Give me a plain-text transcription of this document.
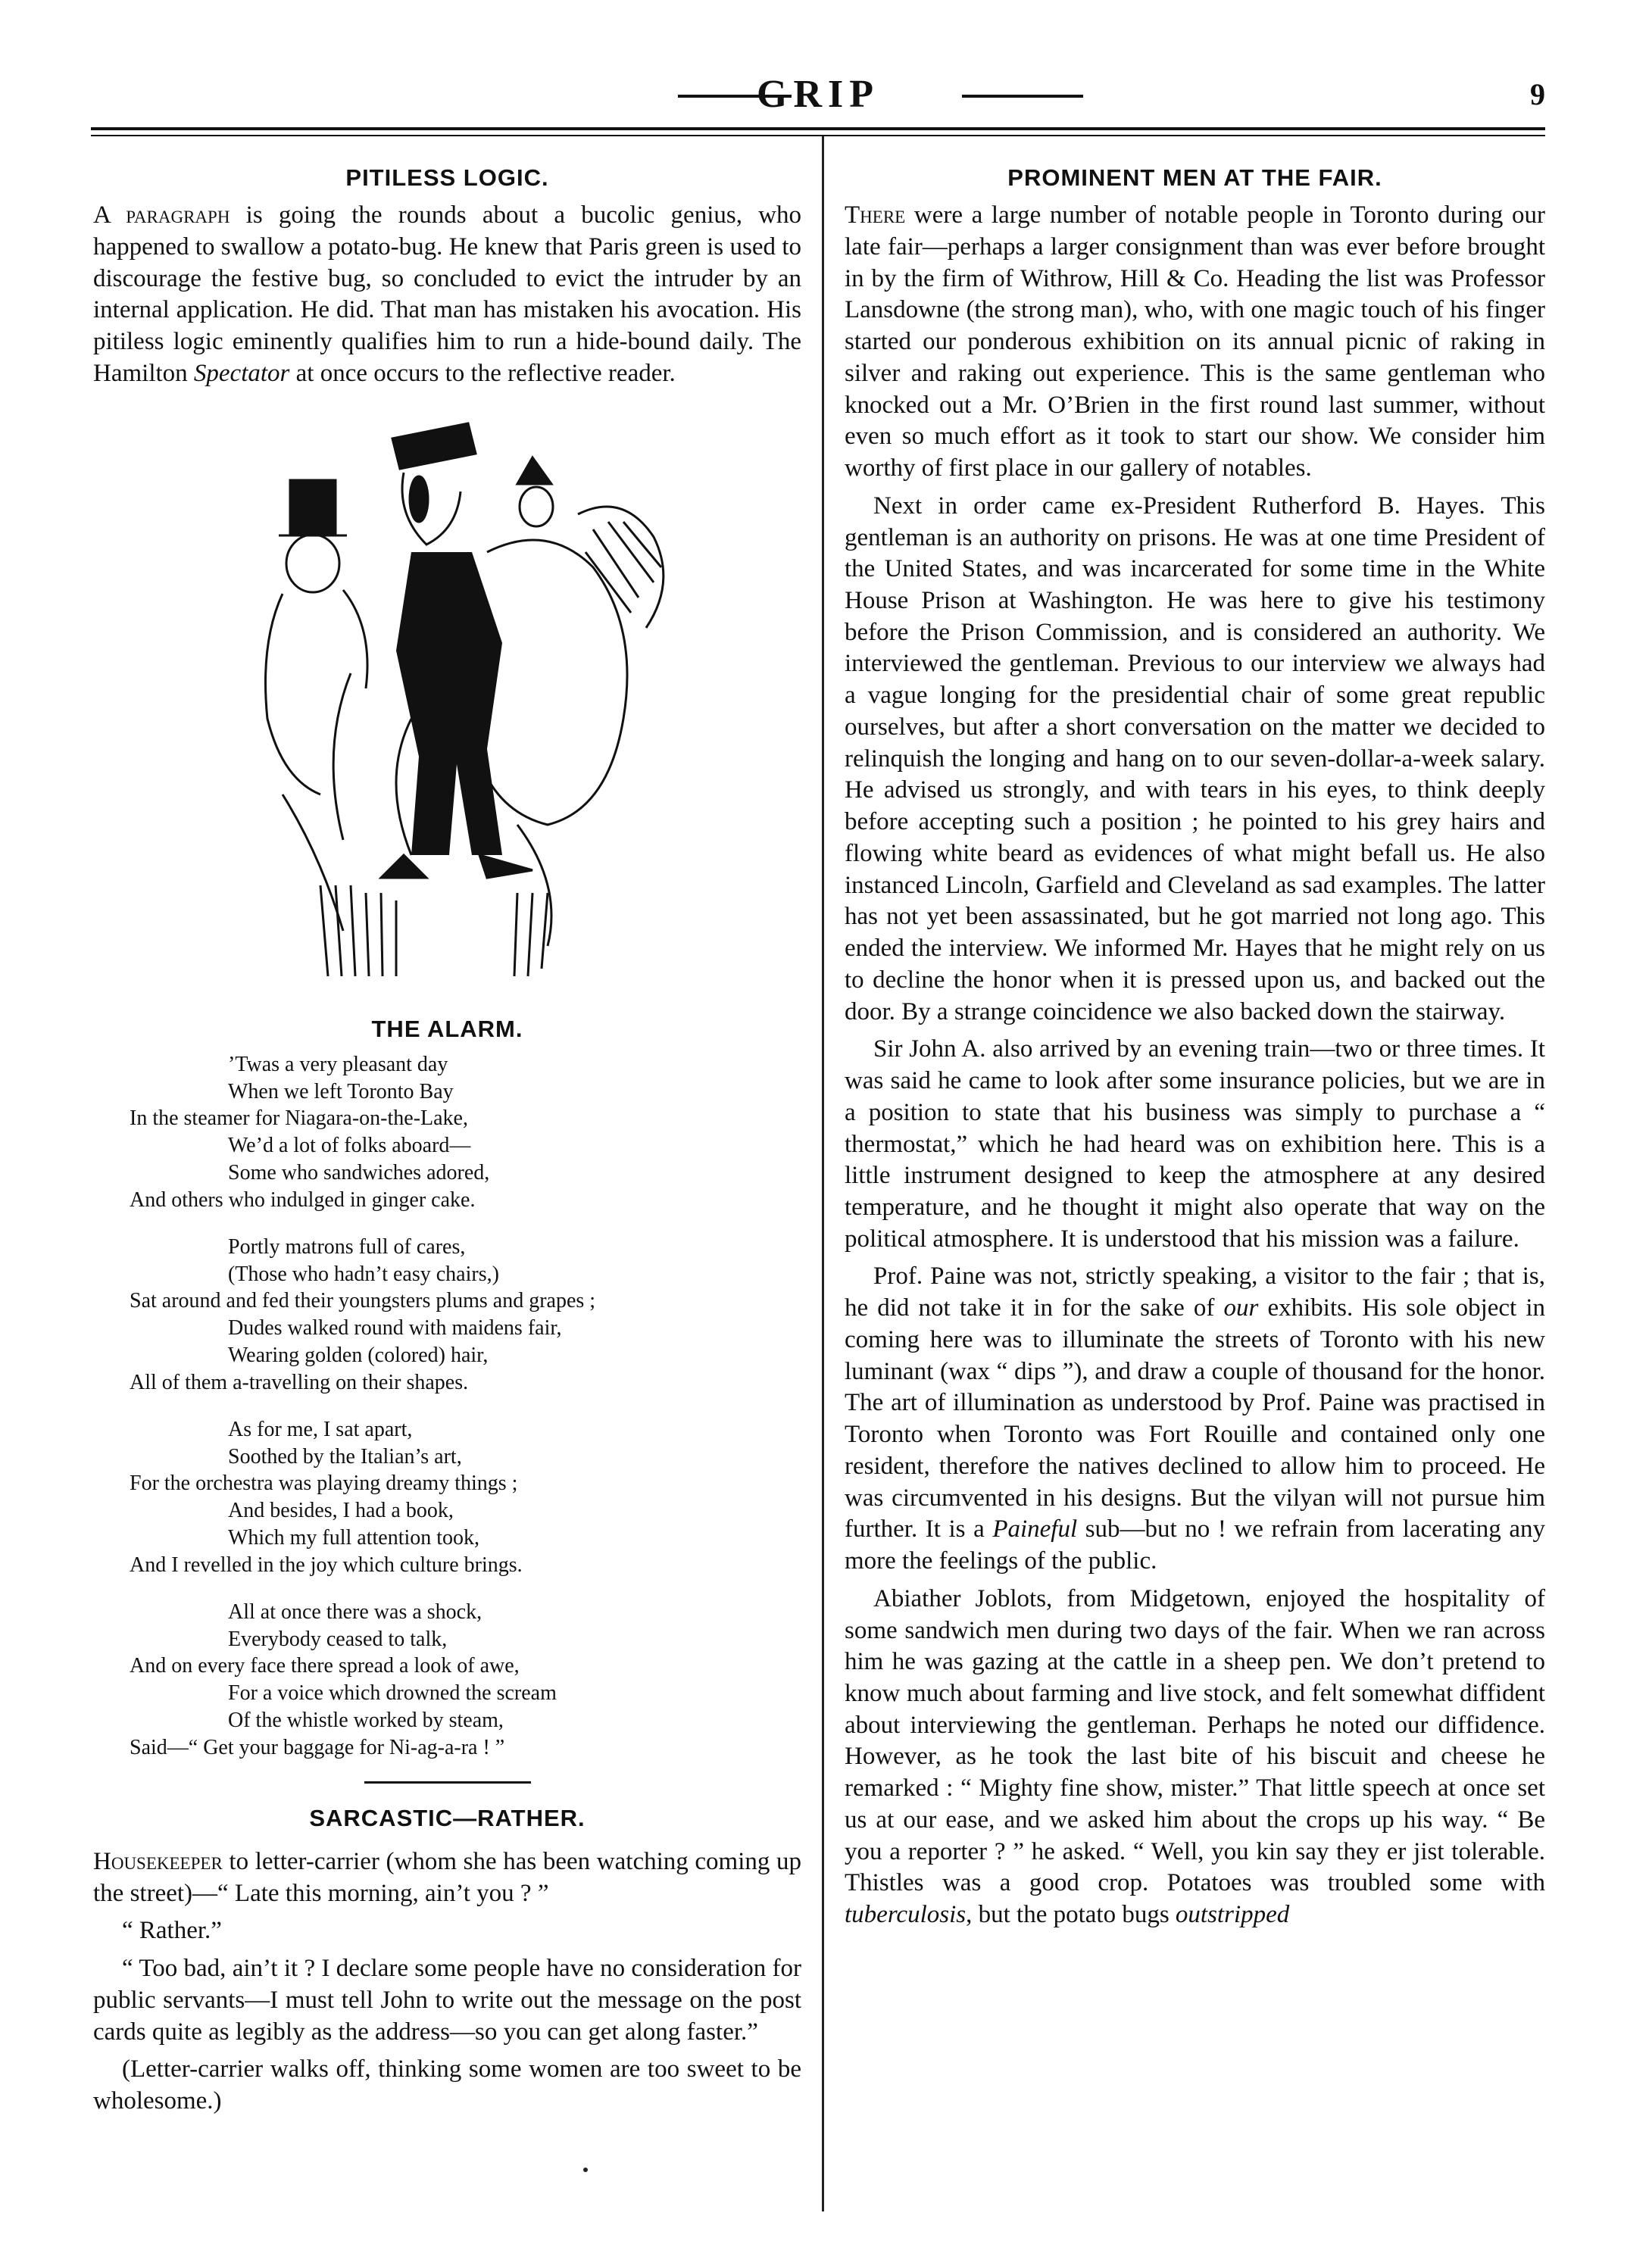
GRIP	9
PITILESS LOGIC.

A paragraph is going the rounds about a bucolic genius, who happened to swallow a potato-bug. He knew that Paris green is used to discourage the festive bug, so concluded to evict the intruder by an internal application. He did. That man has mistaken his avocation. His pitiless logic eminently qualifies him to run a hide-bound daily. The Hamilton Spectator at once occurs to the reflective reader.

THE ALARM.

’Twas a very pleasant day

When we left Toronto Bay

In the steamer for Niagara-on-the-Lake,

We’d a lot of folks aboard—

Some who sandwiches adored,

And others who indulged in ginger cake.

Portly matrons full of cares,

(Those who hadn’t easy chairs,)

Sat around and fed their youngsters plums and grapes ;

Dudes walked round with maidens fair,

Wearing golden (colored) hair,

All of them a-travelling on their shapes.

As for me, I sat apart,

Soothed by the Italian’s art,

For the orchestra was playing dreamy things ;

And besides, I had a book,

Which my full attention took,

And I revelled in the joy which culture brings.

All at once there was a shock,

Everybody ceased to talk,

And on every face there spread a look of awe,

For a voice which drowned the scream

Of the whistle worked by steam,

Said—“ Get your baggage for Ni-ag-a-ra ! ”

SARCASTIC—RATHER.

Housekeeper to letter-carrier (whom she has been watching coming up the street)—“ Late this morning, ain’t you ? ”

“ Rather.”

“ Too bad, ain’t it ? I declare some people have no consideration for public servants—I must tell John to write out the message on the post cards quite as legibly as the address—so you can get along faster.”

(Letter-carrier walks off, thinking some women are too sweet to be wholesome.)

PROMINENT MEN AT THE FAIR.

There were a large number of notable people in Toronto during our late fair—perhaps a larger consignment than was ever before brought in by the firm of Withrow, Hill & Co. Heading the list was Professor Lansdowne (the strong man), who, with one magic touch of his finger started our ponderous exhibition on its annual picnic of raking in silver and raking out experience. This is the same gentleman who knocked out a Mr. O’Brien in the first round last summer, without even so much effort as it took to start our show. We consider him worthy of first place in our gallery of notables.

Next in order came ex-President Rutherford B. Hayes. This gentleman is an authority on prisons. He was at one time President of the United States, and was incarcerated for some time in the White House Prison at Washington. He was here to give his testimony before the Prison Commission, and is considered an authority. We interviewed the gentleman. Previous to our interview we always had a vague longing for the presidential chair of some great republic ourselves, but after a short conversation on the matter we decided to relinquish the longing and hang on to our seven-dollar-a-week salary. He advised us strongly, and with tears in his eyes, to think deeply before accepting such a position ; he pointed to his grey hairs and flowing white beard as evidences of what might befall us. He also instanced Lincoln, Garfield and Cleveland as sad examples. The latter has not yet been assassinated, but he got married not long ago. This ended the interview. We informed Mr. Hayes that he might rely on us to decline the honor when it is pressed upon us, and backed out the door. By a strange coincidence we also backed down the stairway.

Sir John A. also arrived by an evening train—two or three times. It was said he came to look after some insurance policies, but we are in a position to state that his business was simply to purchase a “ thermostat,” which he had heard was on exhibition here. This is a little instrument designed to keep the atmosphere at any desired temperature, and he thought it might also operate that way on the political atmosphere. It is understood that his mission was a failure.

Prof. Paine was not, strictly speaking, a visitor to the fair ; that is, he did not take it in for the sake of our exhibits. His sole object in coming here was to illuminate the streets of Toronto with his new luminant (wax “ dips ”), and draw a couple of thousand for the honor. The art of illumination as understood by Prof. Paine was practised in Toronto when Toronto was Fort Rouille and contained only one resident, therefore the natives declined to allow him to proceed. He was circumvented in his designs. But the vilyan will not pursue him further. It is a Paineful sub—but no ! we refrain from lacerating any more the feelings of the public.

Abiather Joblots, from Midgetown, enjoyed the hospitality of some sandwich men during two days of the fair. When we ran across him he was gazing at the cattle in a sheep pen. We don’t pretend to know much about farming and live stock, and felt somewhat diffident about interviewing the gentleman. Perhaps he noted our diffidence. However, as he took the last bite of his biscuit and cheese he remarked : “ Mighty fine show, mister.” That little speech at once set us at our ease, and we asked him about the crops up his way. “ Be you a reporter ? ” he asked. “ Well, you kin say they er jist tolerable. Thistles was a good crop. Potatoes was troubled some with tuberculosis, but the potato bugs outstripped
